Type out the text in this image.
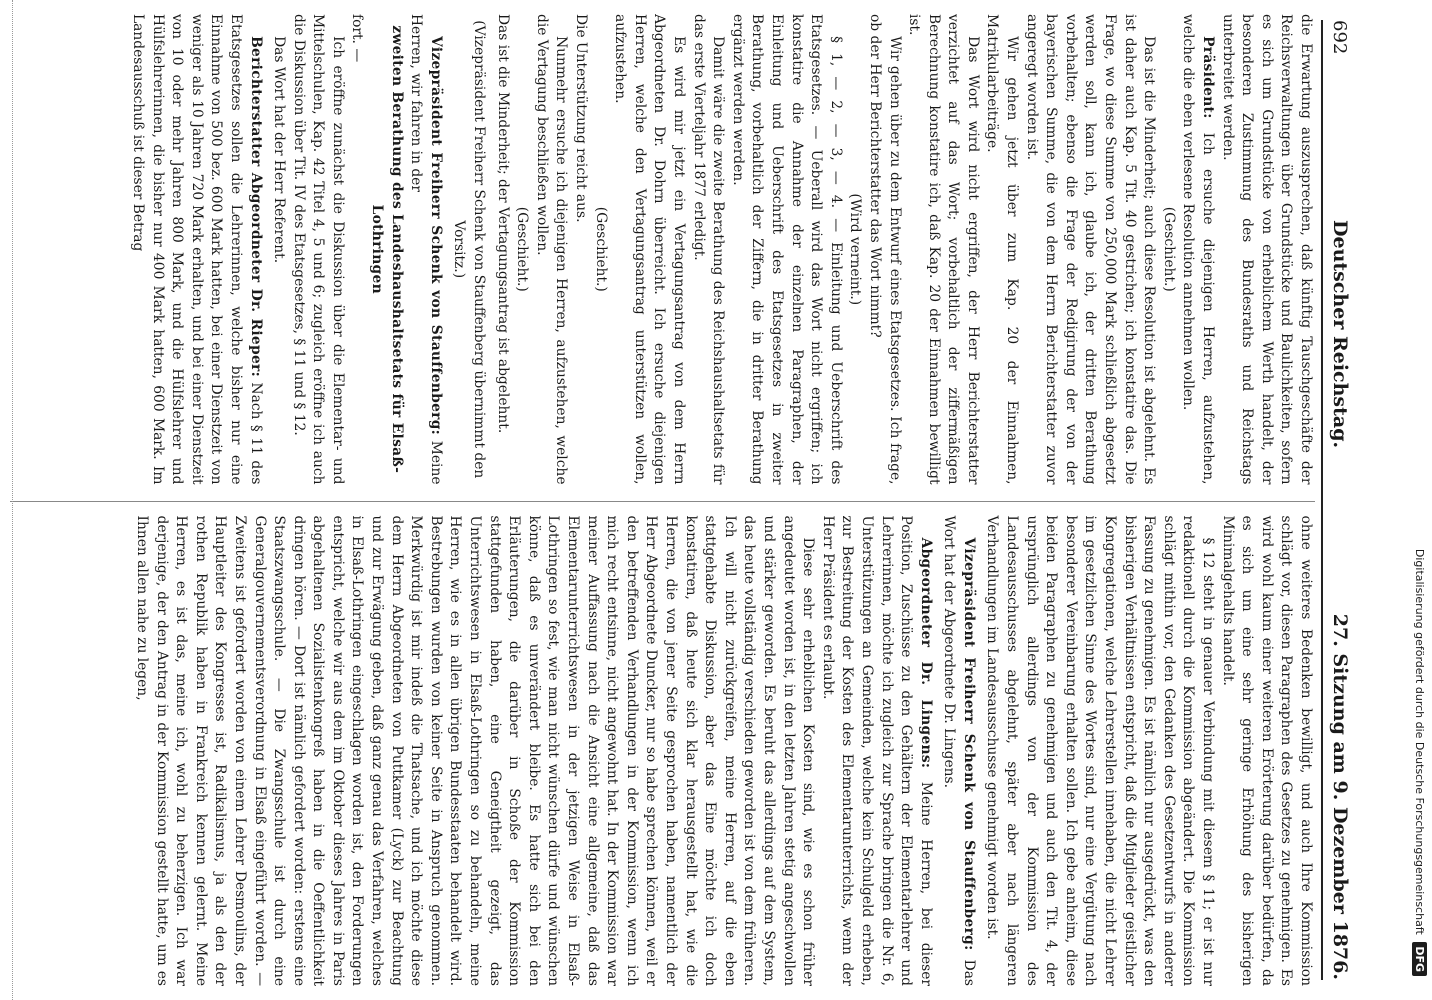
692
Deutscher Reichstag.
27. Sitzung am 9. Dezember 1876.

die Erwartung auszusprechen, daß künftig Tauschgeschäfte der Reichsverwaltungen über Grundstücke und Baulichkeiten, sofern es sich um Grundstücke von erheblichem Werth handelt, der besonderen Zustimmung des Bundesraths und Reichstags unterbreitet werden.

Präsident: Ich ersuche diejenigen Herren, aufzustehen, welche die eben verlesene Resolution annehmen wollen.

(Geschieht.)

Das ist die Minderheit; auch diese Resolution ist abgelehnt. Es ist daher auch Kap. 5 Tit. 40 gestrichen; ich konstatire das. Die Frage, wo diese Summe von 250,000 Mark schließlich abgesetzt werden soll, kann ich, glaube ich, der dritten Berathung vorbehalten; ebenso die Frage der Redigirung der von der bayerischen Summe, die von dem Herrn Berichterstatter zuvor angeregt worden ist.

Wir gehen jetzt über zum Kap. 20 der Einnahmen, Matrikularbeiträge.

Das Wort wird nicht ergriffen, der Herr Berichterstatter verzichtet auf das Wort; vorbehaltlich der ziffermäßigen Berechnung konstatire ich, daß Kap. 20 der Einnahmen bewilligt ist.

Wir gehen über zu dem Entwurf eines Etatsgesetzes. Ich frage, ob der Herr Berichterstatter das Wort nimmt?

(Wird verneint.)

§ 1, — 2, — 3, — 4. — Einleitung und Ueberschrift des Etatsgesetzes. — Ueberall wird das Wort nicht ergriffen; ich konstatire die Annahme der einzelnen Paragraphen, der Einleitung und Ueberschrift des Etatsgesetzes in zweiter Berathung, vorbehaltlich der Ziffern, die in dritter Berathung ergänzt werden werden.

Damit wäre die zweite Berathung des Reichshaushaltsetats für das erste Vierteljahr 1877 erledigt.

Es wird mir jetzt ein Vertagungsantrag von dem Herrn Abgeordneten Dr. Dohrn überreicht. Ich ersuche diejenigen Herren, welche den Vertagungsantrag unterstützen wollen, aufzustehen.

(Geschieht.)

Die Unterstützung reicht aus.

Nunmehr ersuche ich diejenigen Herren, aufzustehen, welche die Vertagung beschließen wollen.

(Geschieht.)

Das ist die Minderheit; der Vertagungsantrag ist abgelehnt.

(Vizepräsident Freiherr Schenk von Stauffenberg übernimmt den Vorsitz.)

Vizepräsident Freiherr Schenk von Stauffenberg: Meine Herren, wir fahren in der

zweiten Berathung des Landeshaushaltsetats für Elsaß-Lothringen

fort. —

Ich eröffne zunächst die Diskussion über die Elementar- und Mittelschulen, Kap. 42 Titel 4, 5 und 6; zugleich eröffne ich auch die Diskussion über Tit. IV des Etatsgesetzes, § 11 und § 12.

Das Wort hat der Herr Referent.

Berichterstatter Abgeordneter Dr. Rieper: Nach § 11 des Etatsgesetzes sollen die Lehrerinnen, welche bisher nur eine Einnahme von 500 bez. 600 Mark hatten, bei einer Dienstzeit von weniger als 10 Jahren 720 Mark erhalten, und bei einer Dienstzeit von 10 oder mehr Jahren 800 Mark, und die Hülfslehrer und Hülfslehrerinnen, die bisher nur 400 Mark hatten, 600 Mark. Im Landesausschuß ist dieser Betrag

ohne weiteres Bedenken bewilligt, und auch Ihre Kommission schlägt vor, diesen Paragraphen des Gesetzes zu genehmigen. Es wird wohl kaum einer weiteren Erörterung darüber bedürfen, da es sich um eine sehr geringe Erhöhung des bisherigen Minimalgehalts handelt.

§ 12 steht in genauer Verbindung mit diesem § 11; er ist nur redaktionell durch die Kommission abgeändert. Die Kommission schlägt mithin vor, den Gedanken des Gesetzentwurfs in anderer Fassung zu genehmigen. Es ist nämlich nur ausgedrückt, was den bisherigen Verhältnissen entspricht, daß die Mitglieder geistlicher Kongregationen, welche Lehrerstellen innehaben, die nicht Lehrer im gesetzlichen Sinne des Wortes sind, nur eine Vergütung nach besonderer Vereinbarung erhalten sollen. Ich gebe anheim, diese beiden Paragraphen zu genehmigen und auch den Tit. 4, der ursprünglich allerdings von der Kommission des Landesausschusses abgelehnt, später aber nach längeren Verhandlungen im Landesausschusse genehmigt worden ist.

Vizepräsident Freiherr Schenk von Stauffenberg: Das Wort hat der Abgeordnete Dr. Lingens.

Abgeordneter Dr. Lingens: Meine Herren, bei dieser Position, Zuschüsse zu den Gehältern der Elementarlehrer und Lehrerinnen, möchte ich zugleich zur Sprache bringen die Nr. 6, Unterstützungen an Gemeinden, welche kein Schulgeld erheben, zur Bestreitung der Kosten des Elementarunterrichts, wenn der Herr Präsident es erlaubt.

Diese sehr erheblichen Kosten sind, wie es schon früher angedeutet worden ist, in den letzten Jahren stetig angeschwollen und stärker geworden. Es beruht das allerdings auf dem System, das heute vollständig verschieden geworden ist von dem früheren. Ich will nicht zurückgreifen, meine Herren, auf die eben stattgehabte Diskussion, aber das Eine möchte ich doch konstatiren, daß heute sich klar herausgestellt hat, wie die Herren, die von jener Seite gesprochen haben, namentlich der Herr Abgeordnete Duncker, nur so habe sprechen können, weil er den betreffenden Verhandlungen in der Kommission, wenn ich mich recht entsinne, nicht angewohnt hat. In der Kommission war meiner Auffassung nach die Ansicht eine allgemeine, daß das Elementarunterrichtswesen in der jetzigen Weise in Elsaß-Lothringen so fest, wie man nicht wünschen dürfe und wünschen könne, daß es unverändert bleibe. Es hatte sich bei den Erläuterungen, die darüber in Schoße der Kommission stattgefunden haben, eine Geneigtheit gezeigt, das Unterrichtswesen in Elsaß-Lothringen so zu behandeln, meine Herren, wie es in allen übrigen Bundesstaaten behandelt wird. Bestrebungen wurden von keiner Seite in Anspruch genommen. Merkwürdig ist mir indeß die Thatsache, und ich möchte diese dem Herrn Abgeordneten von Puttkamer (Lyck) zur Beachtung und zur Erwägung geben, daß ganz genau das Verfahren, welches in Elsaß-Lothringen eingeschlagen worden ist, den Forderungen entspricht, welche wir aus dem im Oktober dieses Jahres in Paris abgehaltenen Sozialistenkongreß haben in die Oeffentlichkeit dringen hören. — Dort ist nämlich gefordert worden: erstens eine Staatszwangsschule. — Die Zwangsschule ist durch eine Generalgouvernementsverordnung in Elsaß eingeführt worden. — Zweitens ist gefordert worden von einem Lehrer Desmoulins, der Hauptleiter des Kongresses ist, Radikalismus, ja als den der rothen Republik haben in Frankreich kennen gelernt. Meine Herren, es ist das, meine ich, wohl zu beherzigen. Ich war derjenige, der den Antrag in der Kommission gestellt hatte, um es Ihnen allen nahe zu legen,	Digitalisierung gefördert durch die Deutsche Forschungsgemeinschaft DFG
